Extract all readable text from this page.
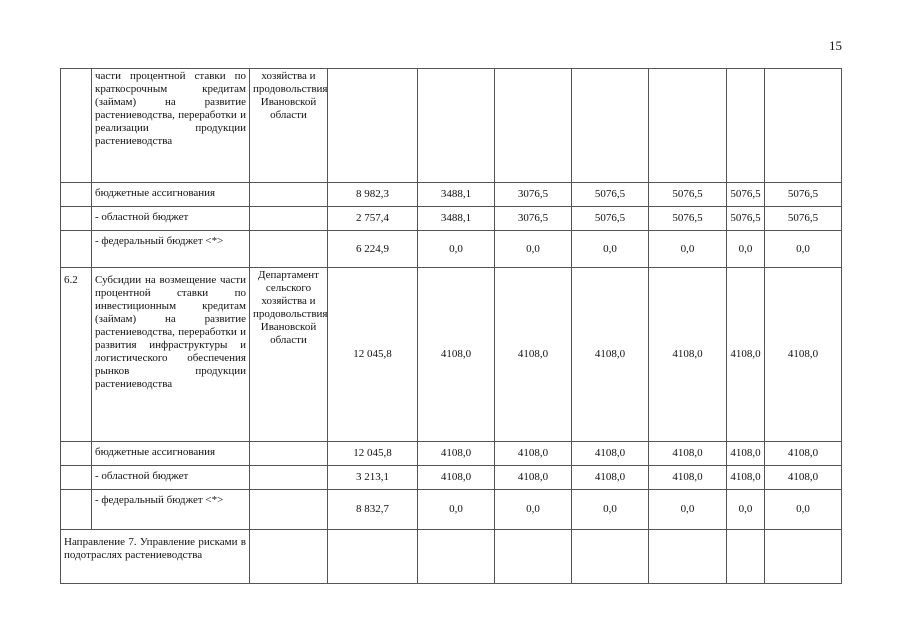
15
	части процентной ставки по краткосрочным кредитам (займам) на развитие растениеводства, переработки и реализации продукции растениеводства	хозяйства и продовольствия Ивановской области							
	бюджетные ассигнования		8 982,3	3488,1	3076,5	5076,5	5076,5	5076,5	5076,5
	- областной бюджет		2 757,4	3488,1	3076,5	5076,5	5076,5	5076,5	5076,5
	- федеральный бюджет <*>		6 224,9	0,0	0,0	0,0	0,0	0,0	0,0
6.2	Субсидии на возмещение части процентной ставки по инвестиционным кредитам (займам) на развитие растениеводства, переработки и развития инфраструктуры и логистического обеспечения рынков продукции растениеводства	Департамент сельского хозяйства и продовольствия Ивановской области	12 045,8	4108,0	4108,0	4108,0	4108,0	4108,0	4108,0
	бюджетные ассигнования		12 045,8	4108,0	4108,0	4108,0	4108,0	4108,0	4108,0
	- областной бюджет		3 213,1	4108,0	4108,0	4108,0	4108,0	4108,0	4108,0
	- федеральный бюджет <*>		8 832,7	0,0	0,0	0,0	0,0	0,0	0,0
Направление 7. Управление рисками в подотраслях растениеводства									
